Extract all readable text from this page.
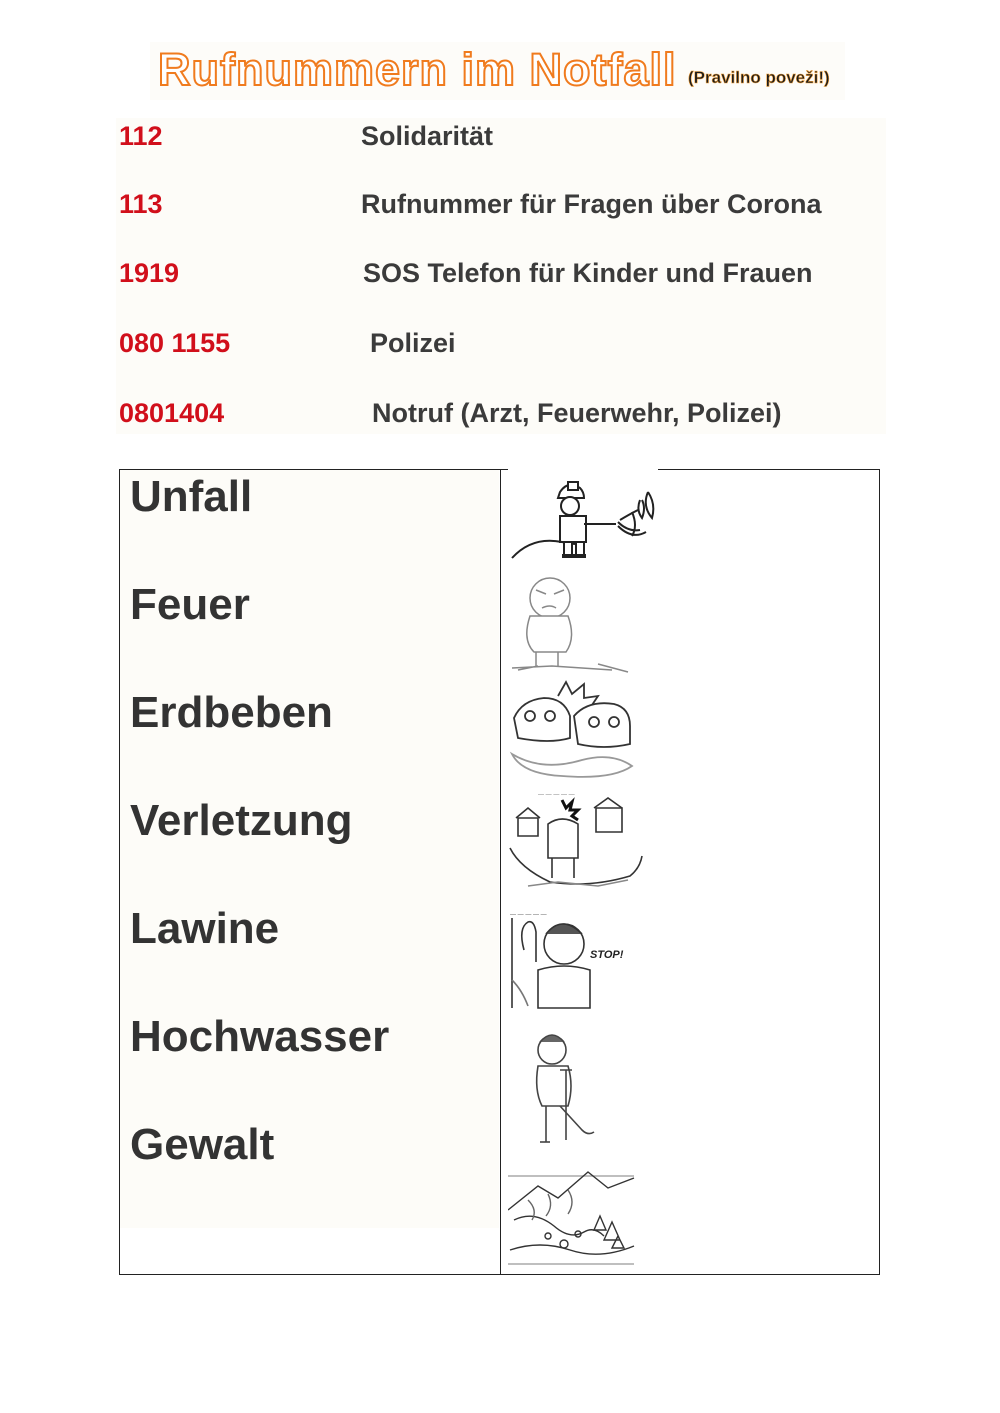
Rufnummern im Notfall (Pravilno poveži!)
112	Solidarität
113	Rufnummer für Fragen über Corona
1919	SOS Telefon für Kinder und Frauen
080 1155	Polizei
0801404	Notruf (Arzt, Feuerwehr, Polizei)
Unfall
Feuer
Erdbeben
Verletzung
Lawine
Hochwasser
Gewalt
— — — — —
— — — — —
STOP!
